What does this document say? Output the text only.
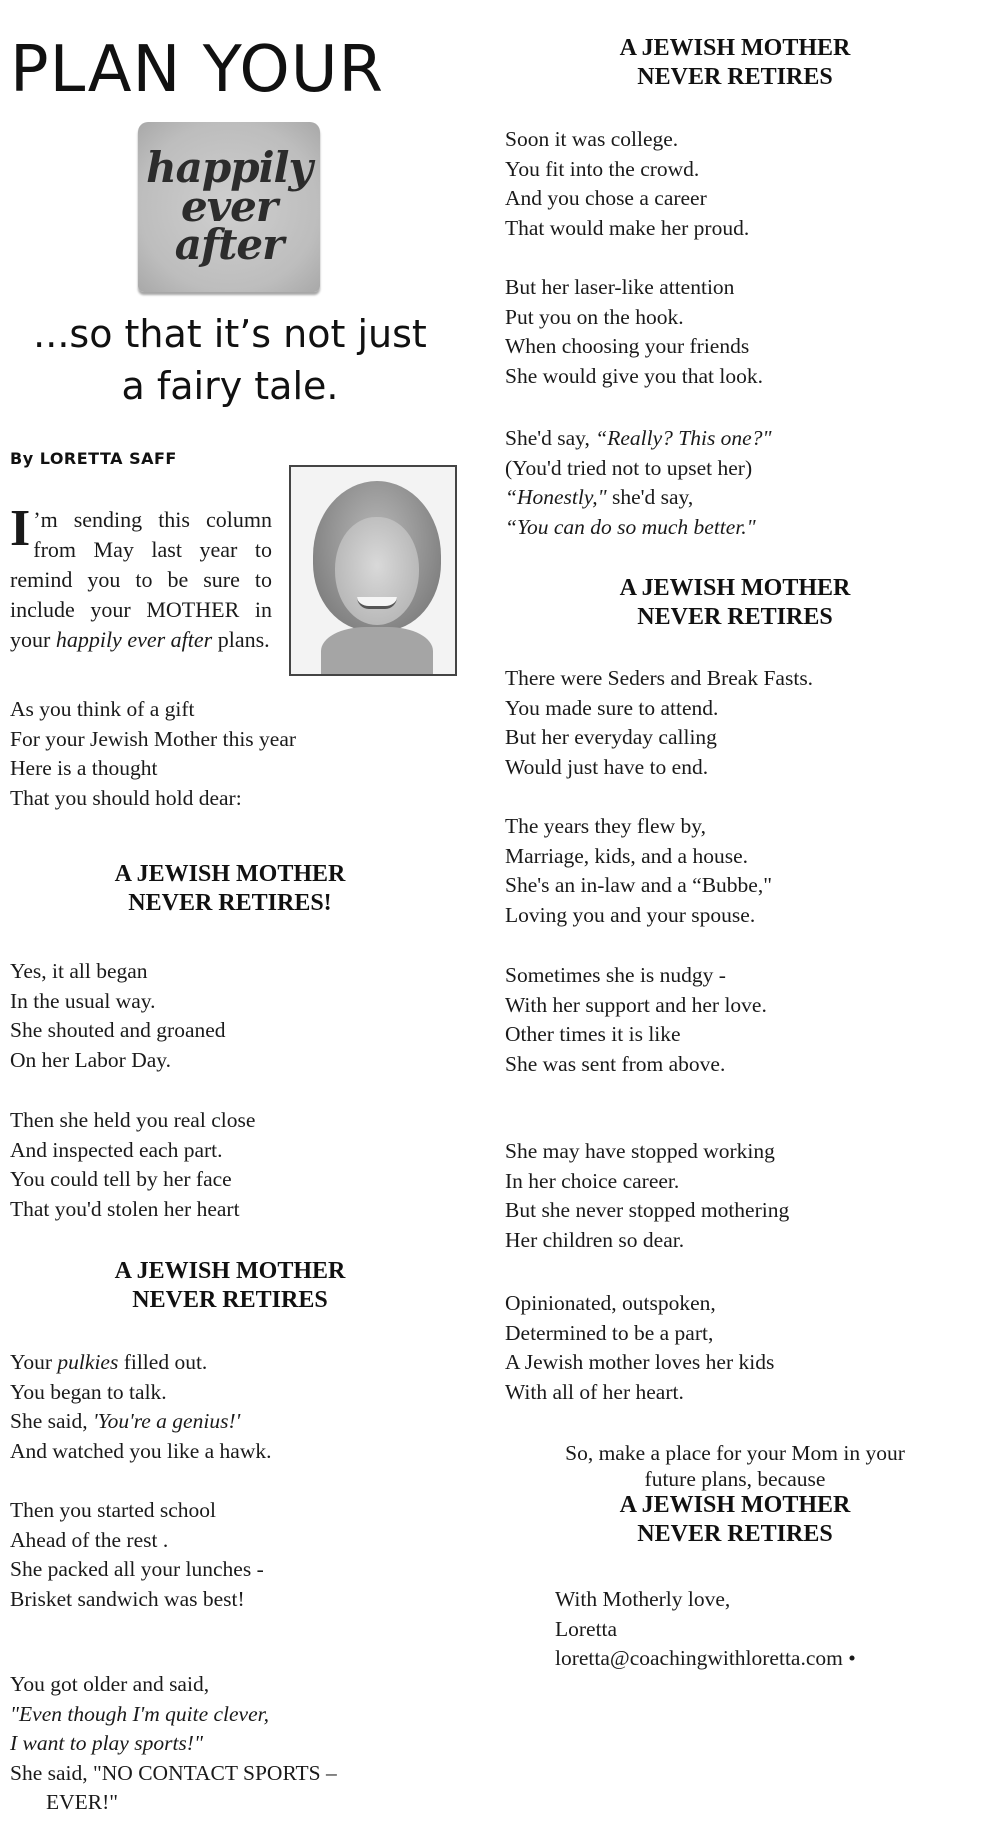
PLAN YOUR
happily
ever
after
...so that it’s not just
a fairy tale.
By LORETTA SAFF
I ’m sending this column from May last year to remind you to be sure to include your MOTHER in your happily ever after plans.
As you think of a gift
For your Jewish Mother this year
Here is a thought
That you should hold dear:
A JEWISH MOTHER
NEVER RETIRES!
Yes, it all began
In the usual way.
She shouted and groaned
On her Labor Day.
Then she held you real close
And inspected each part.
You could tell by her face
That you'd stolen her heart
A JEWISH MOTHER
NEVER RETIRES
Your pulkies filled out.
You began to talk.
She said, 'You're a genius!'
And watched you like a hawk.
Then you started school
Ahead of the rest .
She packed all your lunches -
Brisket sandwich was best!
You got older and said,
"Even though I'm quite clever,
I want to play sports!"
She said, "NO CONTACT SPORTS –
EVER!"
A JEWISH MOTHER
NEVER RETIRES
Soon it was college.
You fit into the crowd.
And you chose a career
That would make her proud.
But her laser-like attention
Put you on the hook.
When choosing your friends
She would give you that look.
She'd say, “Really? This one?"
(You'd tried not to upset her)
“Honestly," she'd say,
“You can do so much better."
A JEWISH MOTHER
NEVER RETIRES
There were Seders and Break Fasts.
You made sure to attend.
But her everyday calling
Would just have to end.
The years they flew by,
Marriage, kids, and a house.
She's an in-law and a “Bubbe,"
Loving you and your spouse.
Sometimes she is nudgy -
With her support and her love.
Other times it is like
She was sent from above.
She may have stopped working
In her choice career.
But she never stopped mothering
Her children so dear.
Opinionated, outspoken,
Determined to be a part,
A Jewish mother loves her kids
With all of her heart.
So, make a place for your Mom in your
future plans, because
A JEWISH MOTHER
NEVER RETIRES
With Motherly love,
Loretta
loretta@coachingwithloretta.com •
